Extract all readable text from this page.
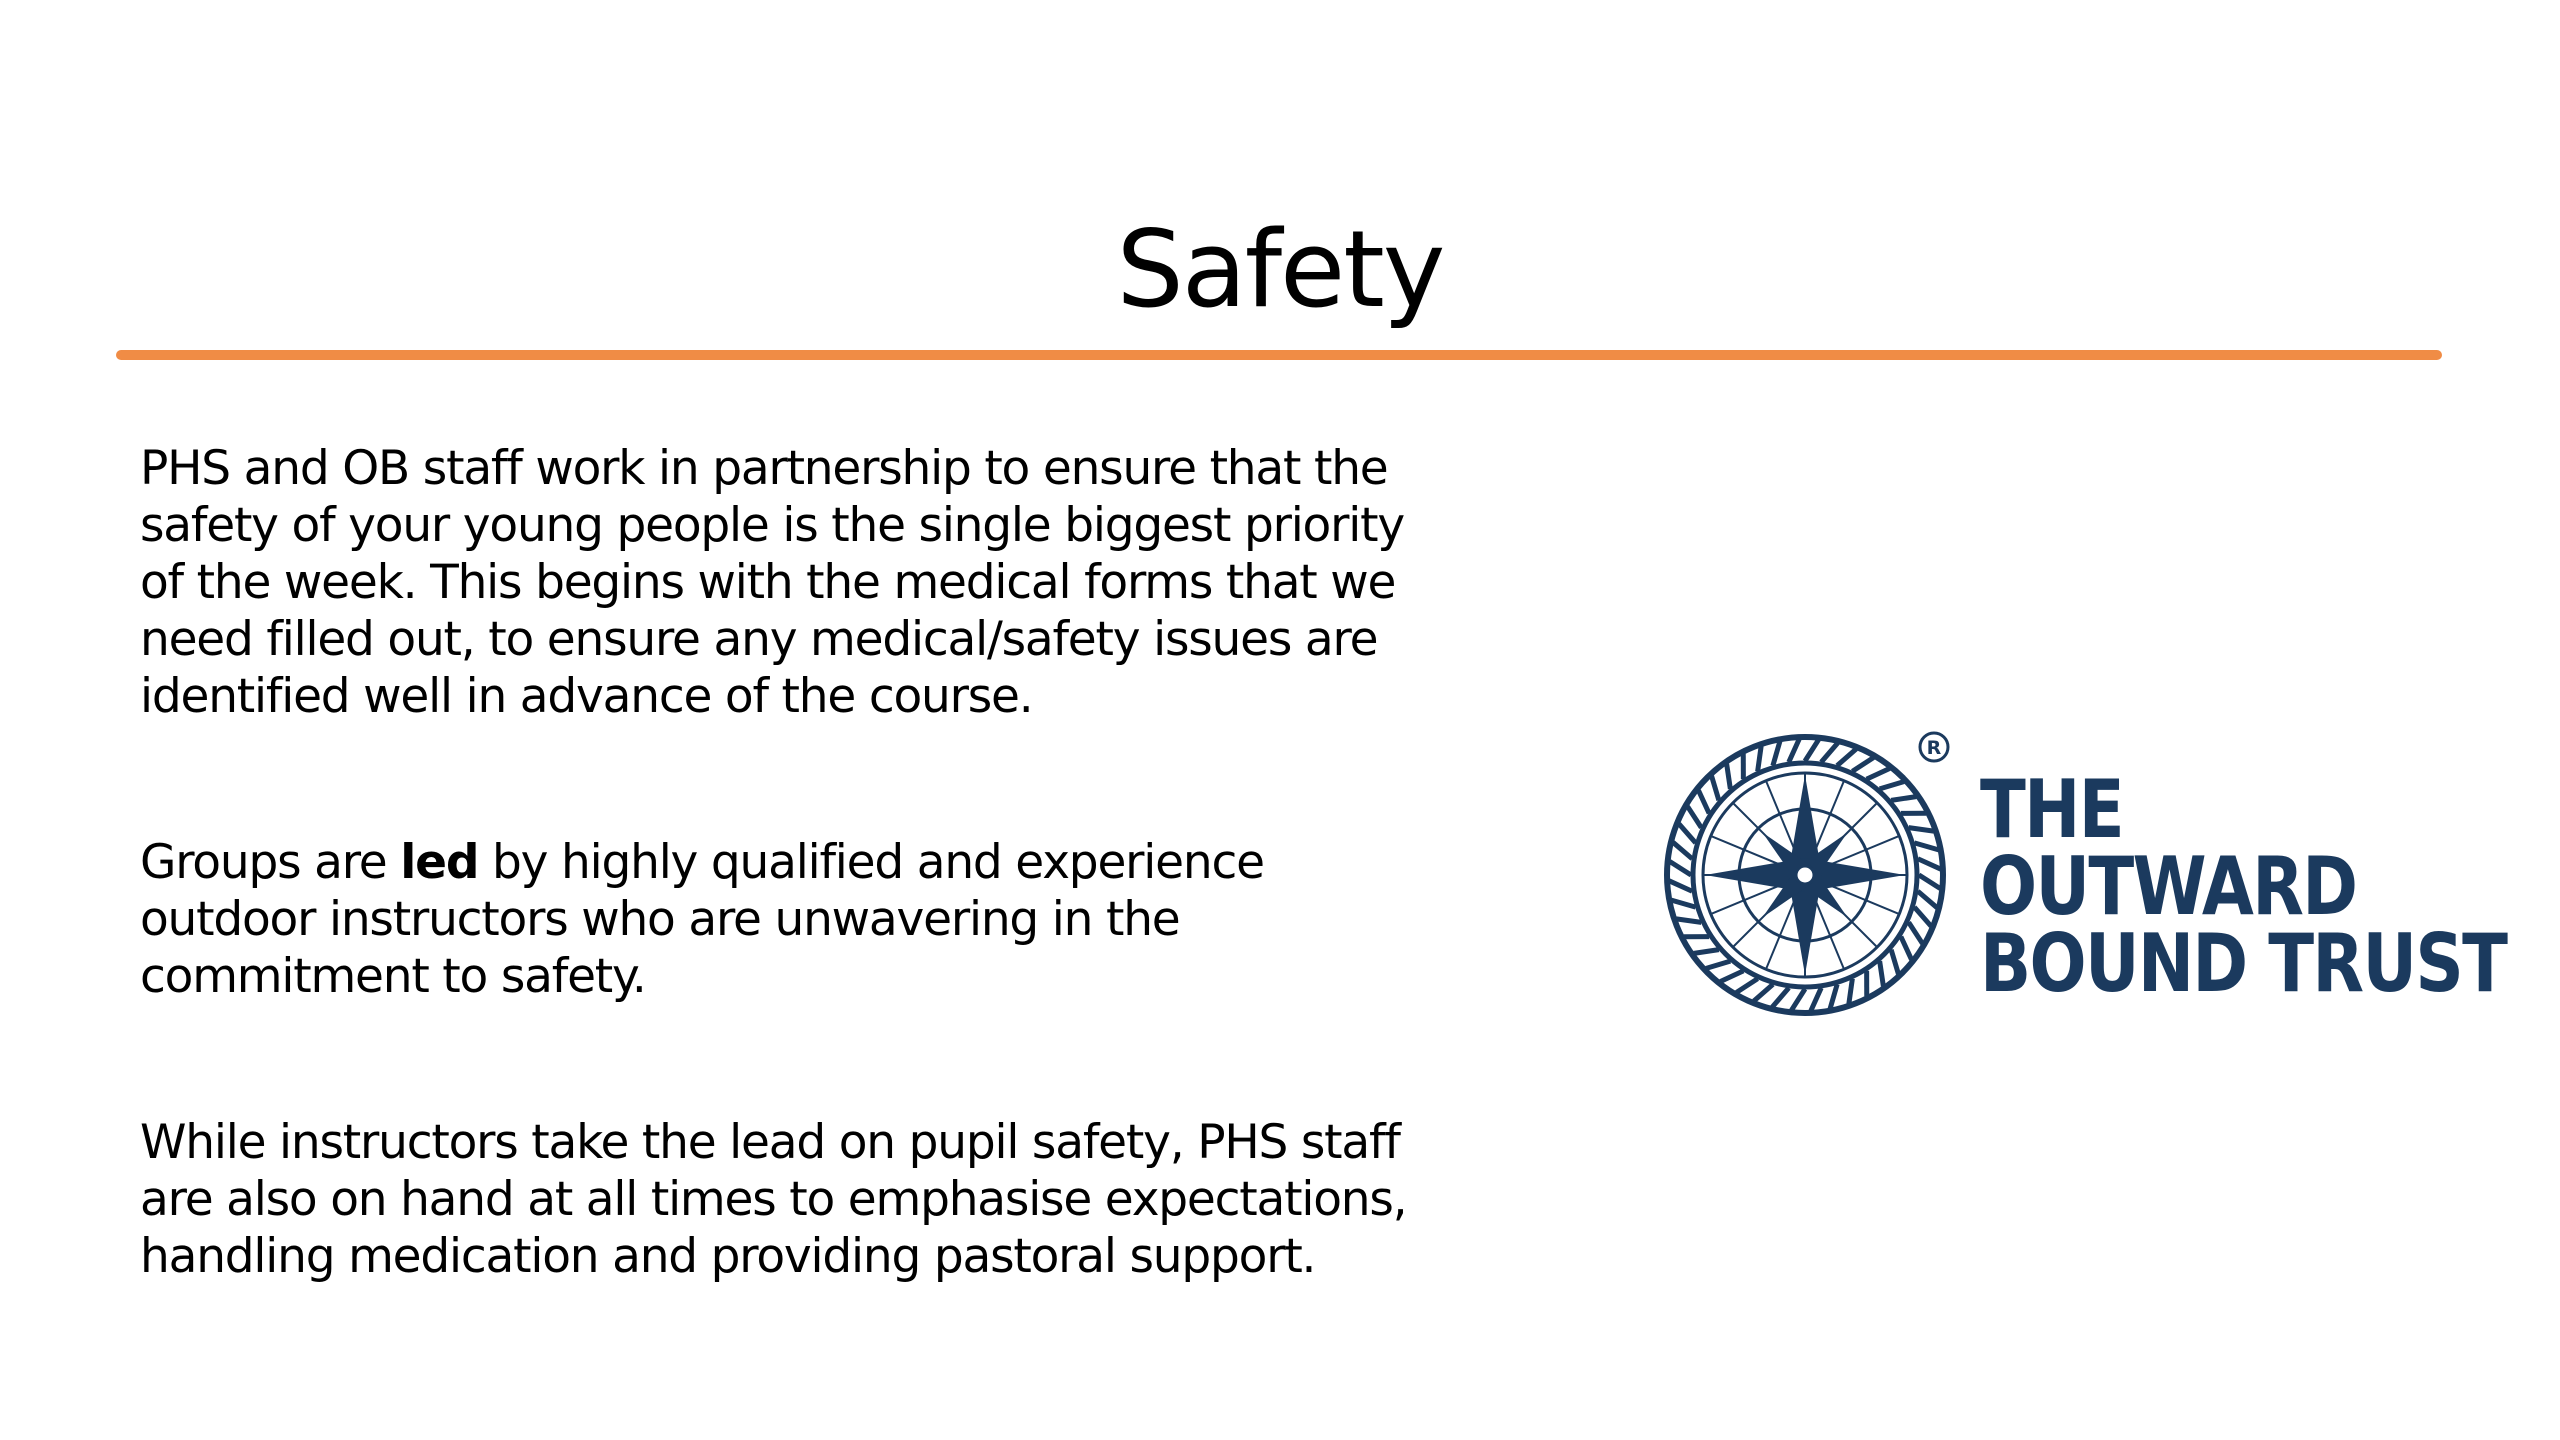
Safety

PHS and OB staff work in partnership to ensure that the
safety of your young people is the single biggest priority
of the week. This begins with the medical forms that we
need filled out, to ensure any medical/safety issues are
identified well in advance of the course.

Groups are led by highly qualified and experience
outdoor instructors who are unwavering in the
commitment to safety.

While instructors take the lead on pupil safety, PHS staff
are also on hand at all times to emphasise expectations,
handling medication and providing pastoral support.

R
THE
OUTWARD
BOUND TRUST
